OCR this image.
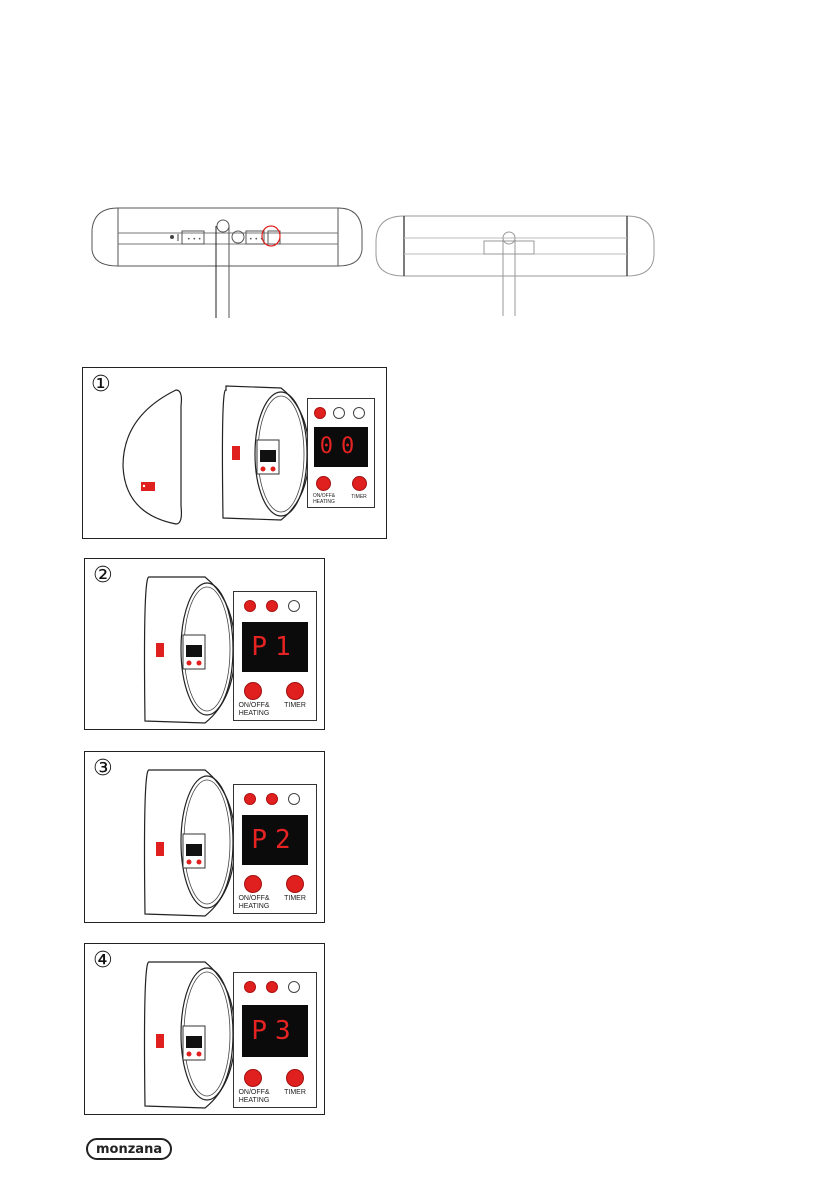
• • •	• • •
①
00
ON/OFF&
HEATING
TIMER
②
P1
ON/OFF&
HEATING
TIMER
③
P2
ON/OFF&
HEATING
TIMER
④
P3
ON/OFF&
HEATING
TIMER
monzana
